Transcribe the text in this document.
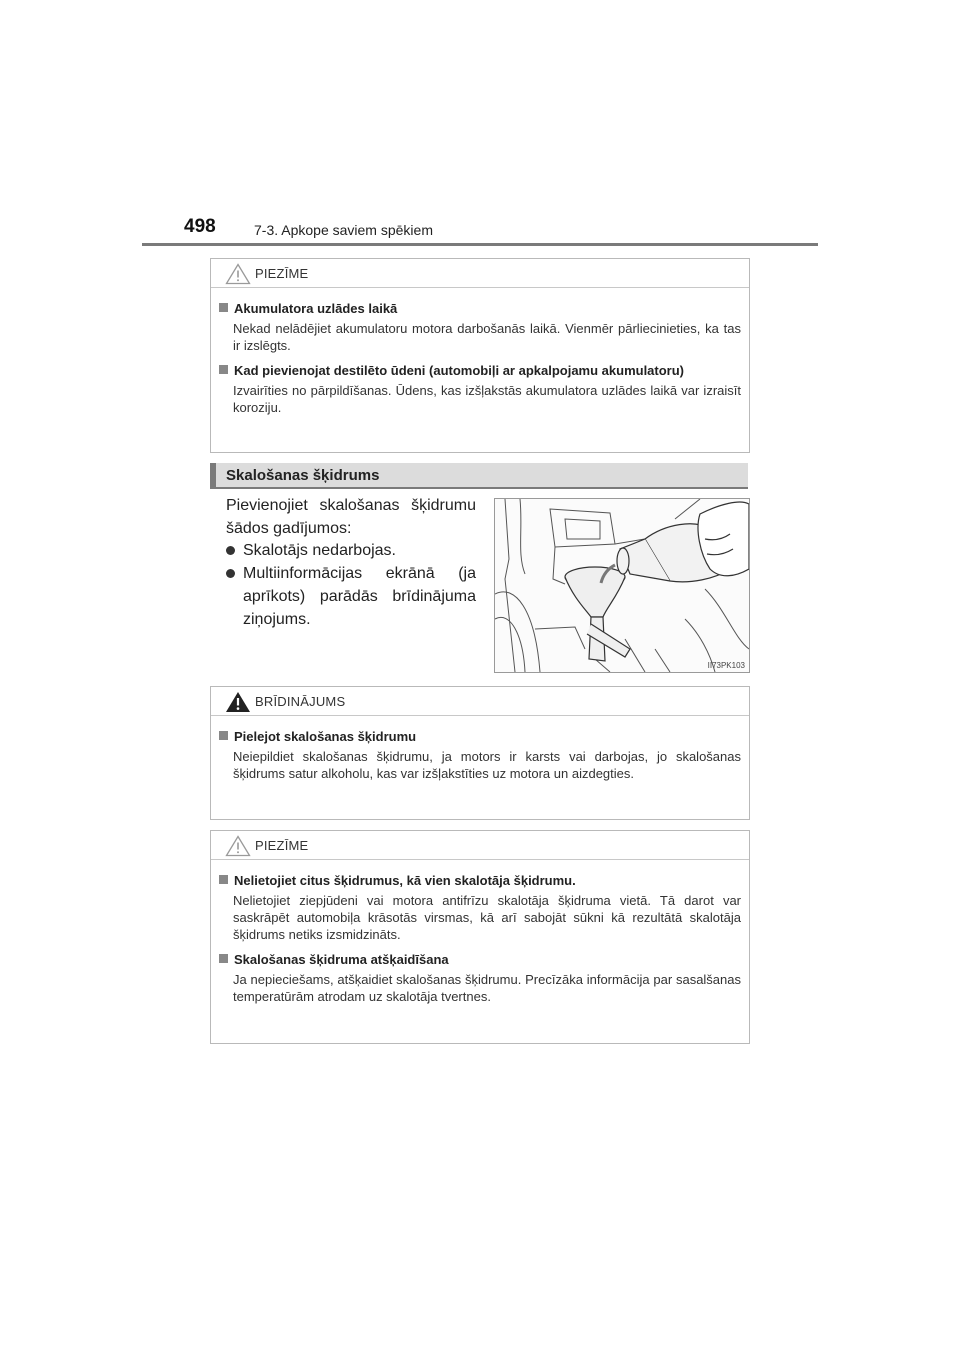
498	7-3. Apkope saviem spēkiem
PIEZĪME
Akumulatora uzlādes laikā
Nekad nelādējiet akumulatoru motora darbošanās laikā. Vienmēr pārliecinieties, ka tas ir izslēgts.
Kad pievienojat destilēto ūdeni (automobiļi ar apkalpojamu akumulatoru)
Izvairīties no pārpildīšanas. Ūdens, kas izšļakstās akumulatora uzlādes laikā var izraisīt koroziju.
Skalošanas šķidrums
Pievienojiet skalošanas šķidrumu šādos gadījumos:
Skalotājs nedarbojas.
Multiinformācijas ekrānā (ja aprīkots) parādās brīdinājuma ziņojums.
II73PK103
BRĪDINĀJUMS
Pielejot skalošanas šķidrumu
Neiepildiet skalošanas šķidrumu, ja motors ir karsts vai darbojas, jo skalošanas šķidrums satur alkoholu, kas var izšļakstīties uz motora un aizdegties.
PIEZĪME
Nelietojiet citus šķidrumus, kā vien skalotāja šķidrumu.
Nelietojiet ziepjūdeni vai motora antifrīzu skalotāja šķidruma vietā. Tā darot var saskrāpēt automobiļa krāsotās virsmas, kā arī sabojāt sūkni kā rezultātā skalotāja šķidrums netiks izsmidzināts.
Skalošanas šķidruma atšķaidīšana
Ja nepieciešams, atšķaidiet skalošanas šķidrumu. Precīzāka informācija par sasalšanas temperatūrām atrodam uz skalotāja tvertnes.
